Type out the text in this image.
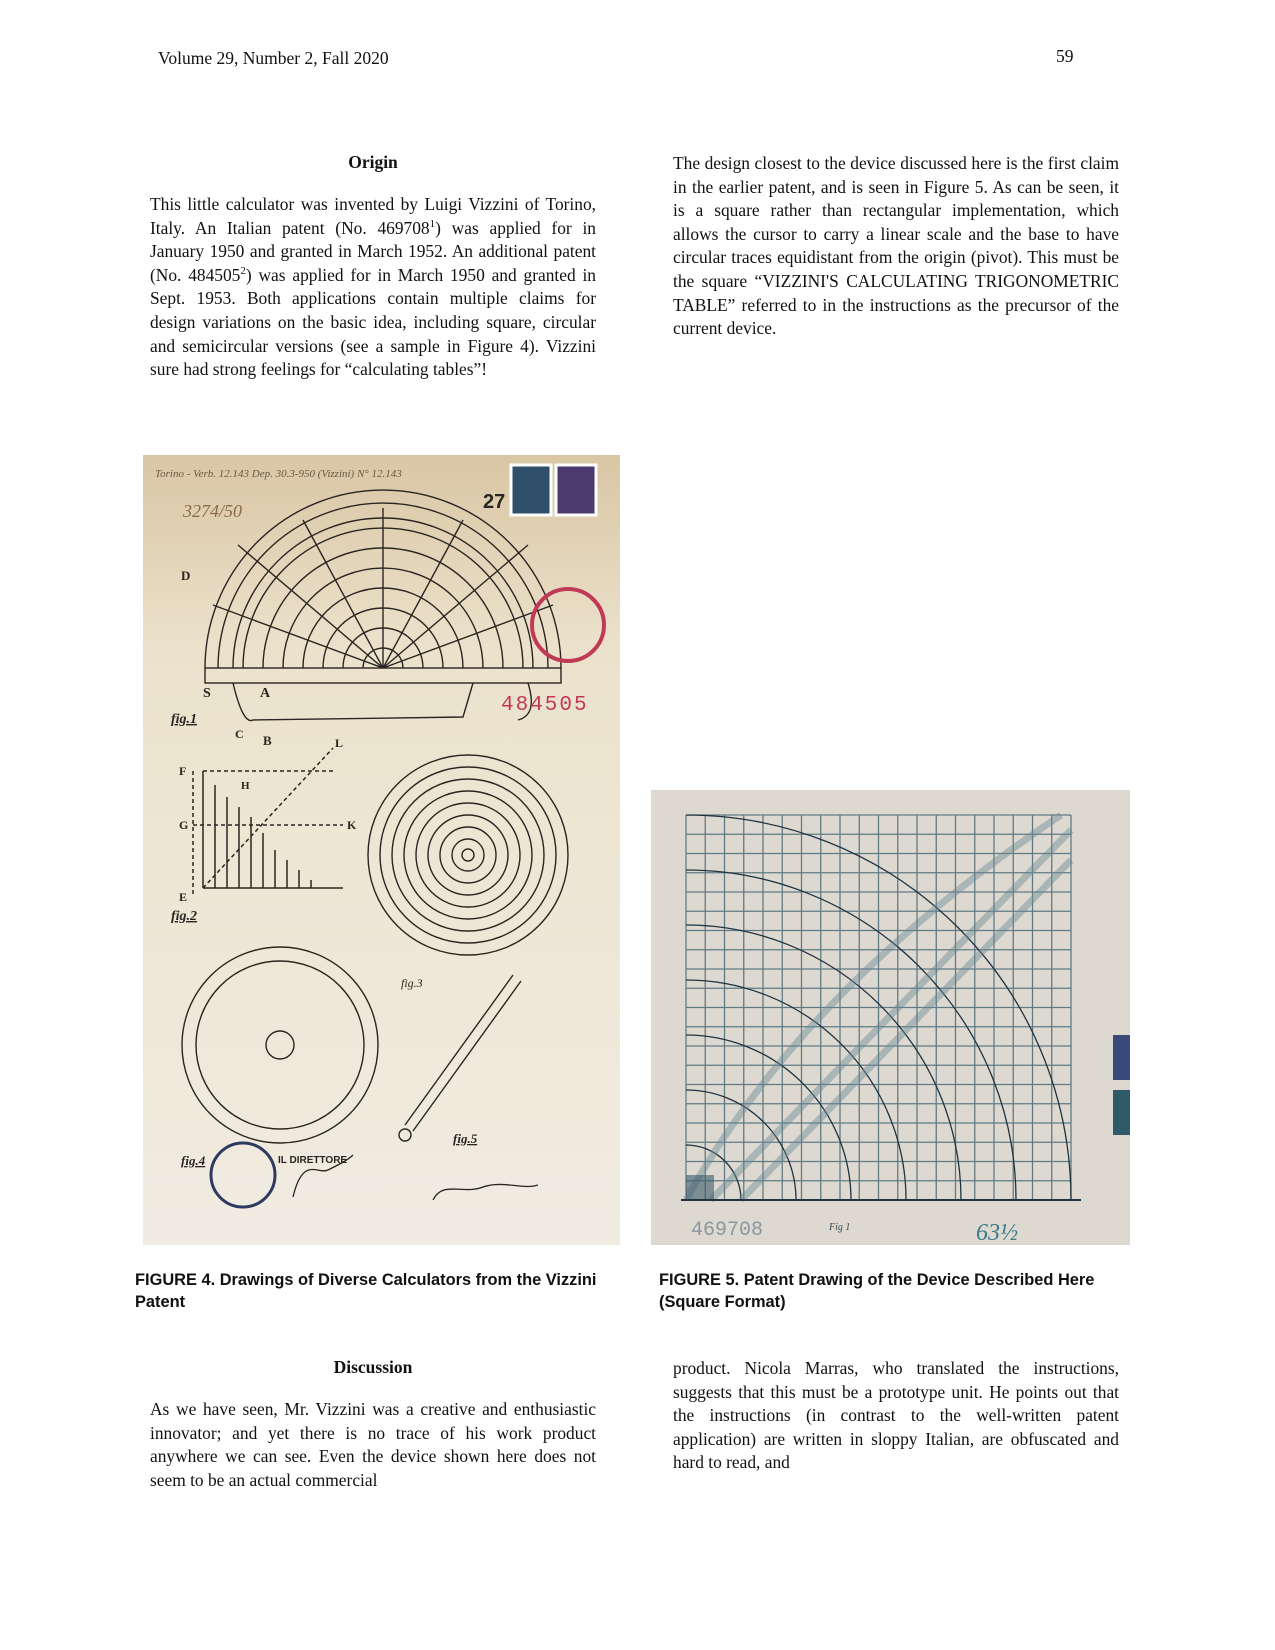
Volume 29, Number 2, Fall 2020	59
Origin

This little calculator was invented by Luigi Vizzini of Torino, Italy. An Italian patent (No. 469708$^1$) was applied for in January 1950 and granted in March 1952. An additional patent (No. 484505$^2$) was applied for in March 1950 and granted in Sept. 1953. Both applications contain multiple claims for design variations on the basic idea, including square, circular and semicircular versions (see a sample in Figure 4). Vizzini sure had strong feelings for “calculating tables”!

The design closest to the device discussed here is the first claim in the earlier patent, and is seen in Figure 5. As can be seen, it is a square rather than rectangular implementation, which allows the cursor to carry a linear scale and the base to have circular traces equidistant from the origin (pivot). This must be the square “VIZZINI'S CALCULATING TRIGONOMETRIC TABLE” referred to in the instructions as the precursor of the current device.

Torino - Verb. 12.143 Dep. 30.3-950 (Vizzini) N° 12.143
3274/50	27
D
S	A
C B
fig.1
484505
F
G
E
H
K
L
fig.2
fig.3
fig.4
fig.5
IL DIRETTORE
469708	Fig 1	63½
FIGURE 4. Drawings of Diverse Calculators from the Vizzini Patent
FIGURE 5. Patent Drawing of the Device Described Here (Square Format)
Discussion

As we have seen, Mr. Vizzini was a creative and enthusiastic innovator; and yet there is no trace of his work product anywhere we can see. Even the device shown here does not seem to be an actual commercial

product. Nicola Marras, who translated the instructions, suggests that this must be a prototype unit. He points out that the instructions (in contrast to the well-written patent application) are written in sloppy Italian, are obfuscated and hard to read, and
